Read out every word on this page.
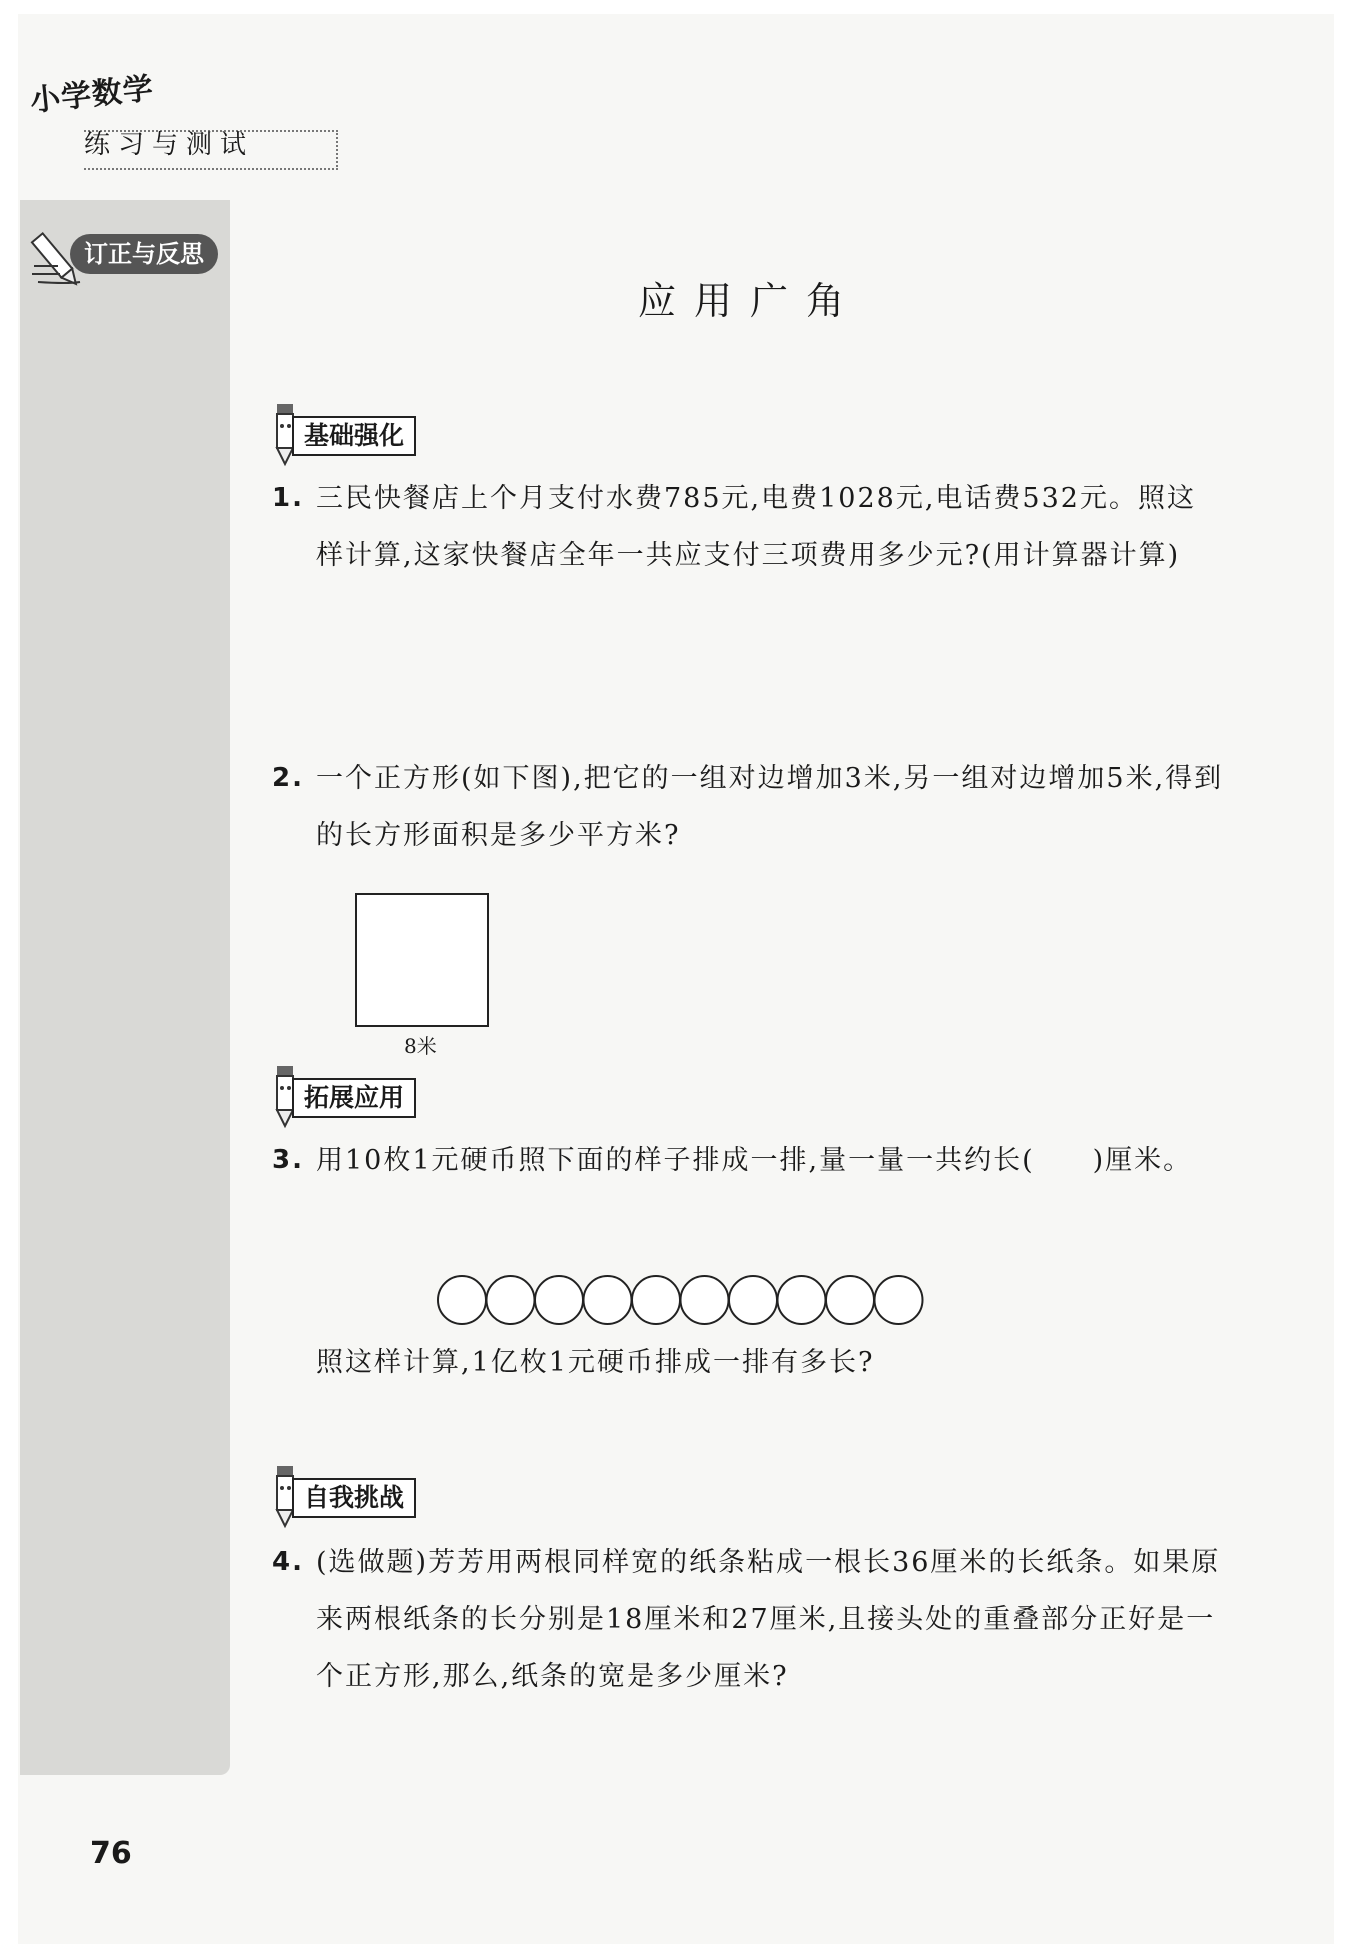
小学数学
练习与测试
订正与反思
应用广角
基础强化
1. 三民快餐店上个月支付水费785元,电费1028元,电话费532元。照这样计算,这家快餐店全年一共应支付三项费用多少元?(用计算器计算)
2. 一个正方形(如下图),把它的一组对边增加3米,另一组对边增加5米,得到的长方形面积是多少平方米?
8米
拓展应用
3. 用10枚1元硬币照下面的样子排成一排,量一量一共约长(　　)厘米。
照这样计算,1亿枚1元硬币排成一排有多长?
自我挑战
4. (选做题)芳芳用两根同样宽的纸条粘成一根长36厘米的长纸条。如果原来两根纸条的长分别是18厘米和27厘米,且接头处的重叠部分正好是一个正方形,那么,纸条的宽是多少厘米?
76
